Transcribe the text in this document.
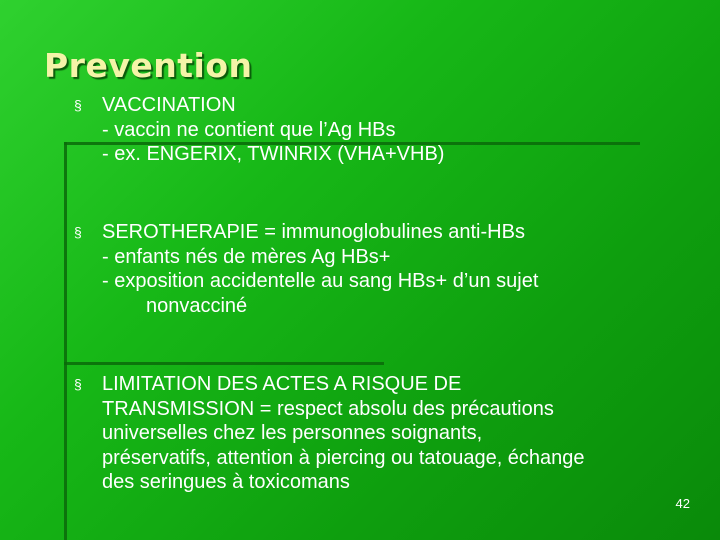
Prevention
§ VACCINATION
- vaccin ne contient que l’Ag HBs
- ex. ENGERIX, TWINRIX (VHA+VHB)
§ SEROTHERAPIE = immunoglobulines anti-HBs
- enfants nés de mères Ag HBs+
- exposition accidentelle au sang HBs+ d’un sujet
nonvacciné
§ LIMITATION DES ACTES A RISQUE DE
TRANSMISSION = respect absolu des précautions
universelles chez les personnes soignants,
préservatifs, attention à piercing ou tatouage, échange
des seringues à toxicomans
42
